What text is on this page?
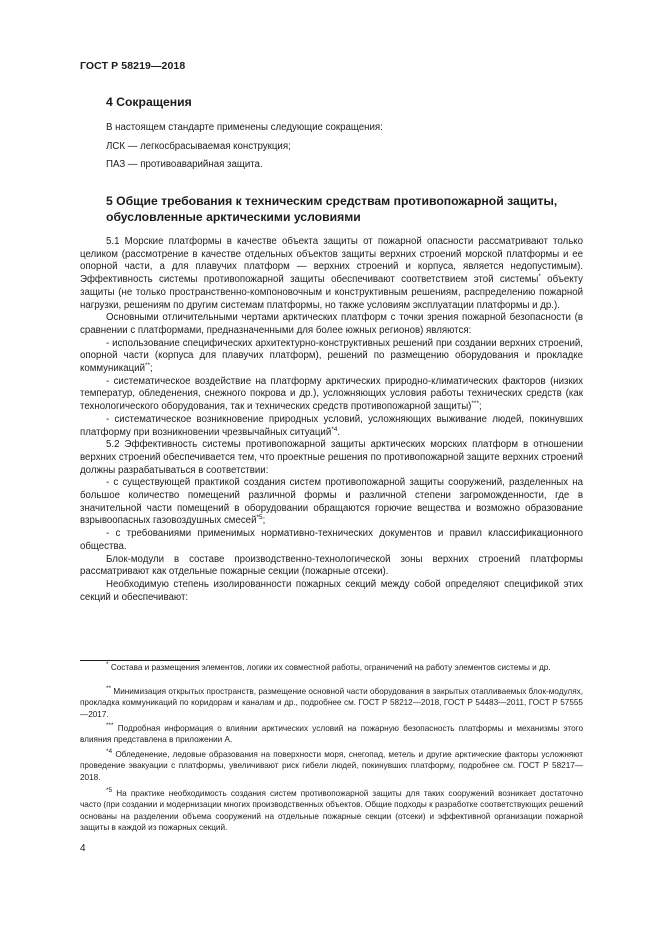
ГОСТ Р 58219—2018
4 Сокращения
В настоящем стандарте применены следующие сокращения:
ЛСК — легкосбрасываемая конструкция;
ПАЗ — противоаварийная защита.
5 Общие требования к техническим средствам противопожарной защиты,
обусловленные арктическими условиями
5.1 Морские платформы в качестве объекта защиты от пожарной опасности рассматривают только целиком (рассмотрение в качестве отдельных объектов защиты верхних строений морской платформы и ее опорной части, а для плавучих платформ — верхних строений и корпуса, является недопустимым). Эффективность системы противопожарной защиты обеспечивают соответствием этой системы* объекту защиты (не только пространственно-компоновочным и конструктивным решениям, распределению пожарной нагрузки, решениям по другим системам платформы, но также условиям эксплуатации платформы и др.).
Основными отличительными чертами арктических платформ с точки зрения пожарной безопасности (в сравнении с платформами, предназначенными для более южных регионов) являются:
- использование специфических архитектурно-конструктивных решений при создании верхних строений, опорной части (корпуса для плавучих платформ), решений по размещению оборудования и прокладке коммуникаций**;
- систематическое воздействие на платформу арктических природно-климатических факторов (низких температур, обледенения, снежного покрова и др.), усложняющих условия работы технических средств (как технологического оборудования, так и технических средств противопожарной защиты)***;
- систематическое возникновение природных условий, усложняющих выживание людей, покинувших платформу при возникновении чрезвычайных ситуаций$^{*4}$.
5.2 Эффективность системы противопожарной защиты арктических морских платформ в отношении верхних строений обеспечивается тем, что проектные решения по противопожарной защите верхних строений должны разрабатываться в соответствии:
- с существующей практикой создания систем противопожарной защиты сооружений, разделенных на большое количество помещений различной формы и различной степени загроможденности, где в значительной части помещений в оборудовании обращаются горючие вещества и возможно образование взрывоопасных газовоздушных смесей$^{*5}$;
- с требованиями применимых нормативно-технических документов и правил классификационного общества.
Блок-модули в составе производственно-технологической зоны верхних строений платформы рассматривают как отдельные пожарные секции (пожарные отсеки).
Необходимую степень изолированности пожарных секций между собой определяют спецификой этих секций и обеспечивают:
* Состава и размещения элементов, логики их совместной работы, ограничений на работу элементов системы и др.
** Минимизация открытых пространств, размещение основной части оборудования в закрытых отапливаемых блок-модулях, прокладка коммуникаций по коридорам и каналам и др., подробнее см. ГОСТ Р 58212—2018, ГОСТ Р 54483—2011, ГОСТ Р 57555—2017.
*** Подробная информация о влиянии арктических условий на пожарную безопасность платформы и механизмы этого влияния представлена в приложении А.
$^{*4}$ Обледенение, ледовые образования на поверхности моря, снегопад, метель и другие арктические факторы усложняют проведение эвакуации с платформы, увеличивают риск гибели людей, покинувших платформу, подробнее см. ГОСТ Р 58217—2018.
$^{*5}$ На практике необходимость создания систем противопожарной защиты для таких сооружений возникает достаточно часто (при создании и модернизации многих производственных объектов. Общие подходы к разработке соответствующих решений основаны на разделении объема сооружений на отдельные пожарные секции (отсеки) и эффективной организации пожарной защиты в каждой из пожарных секций.
4
